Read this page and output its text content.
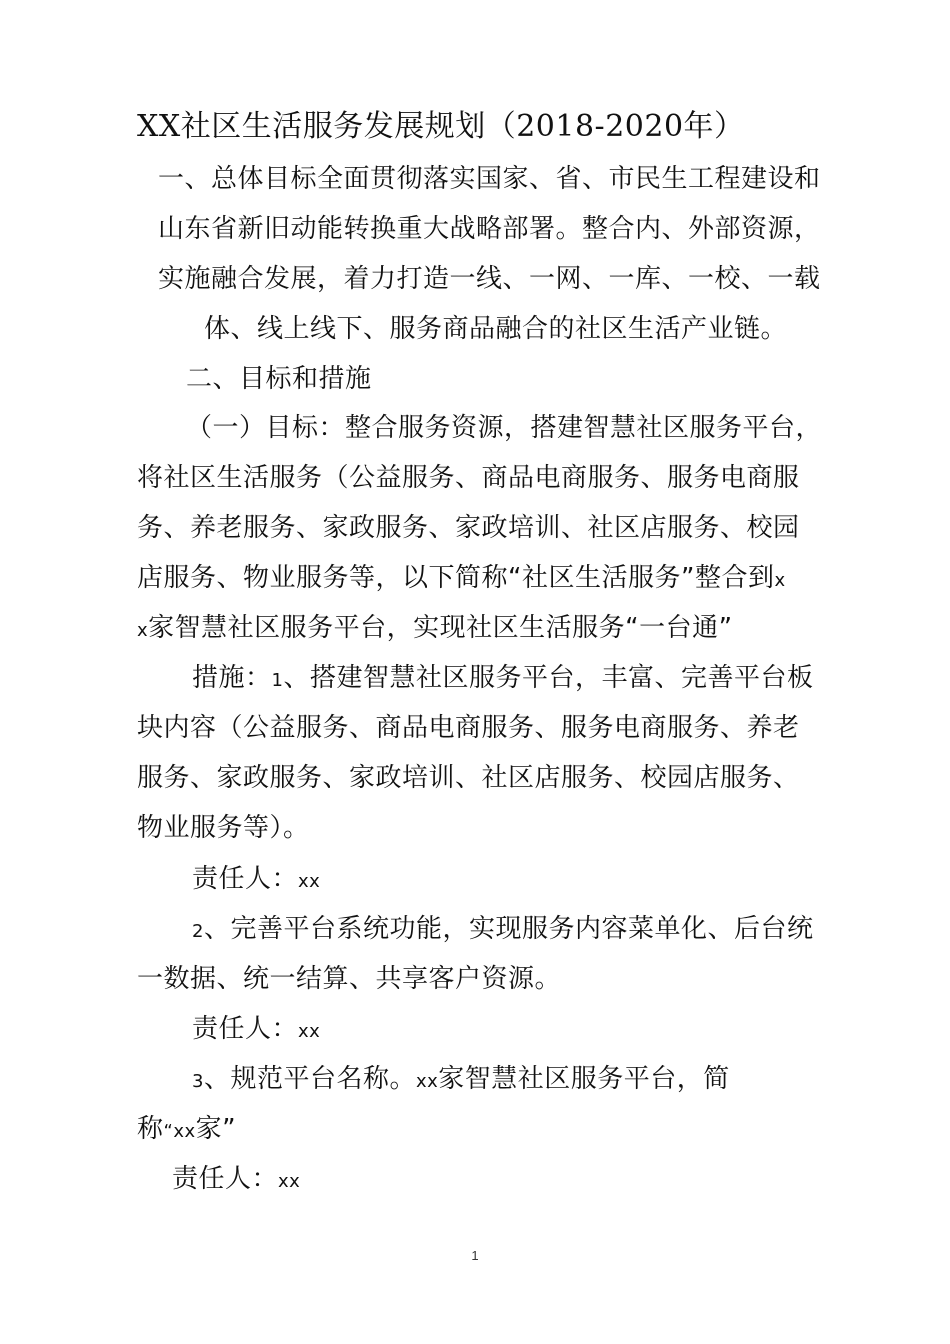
XX社区生活服务发展规划（2018-2020年）
一、总体目标全面贯彻落实国家、省、市民生工程建设和
山东省新旧动能转换重大战略部署。整合内、外部资源，
实施融合发展，着力打造一线、一网、一库、一校、一载
体、线上线下、服务商品融合的社区生活产业链。
二、目标和措施
（一）目标：整合服务资源，搭建智慧社区服务平台，
将社区生活服务（公益服务、商品电商服务、服务电商服
务、养老服务、家政服务、家政培训、社区店服务、校园
店服务、物业服务等，以下简称“社区生活服务”整合到x
x家智慧社区服务平台，实现社区生活服务“一台通”
措施：1、搭建智慧社区服务平台，丰富、完善平台板
块内容（公益服务、商品电商服务、服务电商服务、养老
服务、家政服务、家政培训、社区店服务、校园店服务、
物业服务等）。
责任人：xx
2、完善平台系统功能，实现服务内容菜单化、后台统
一数据、统一结算、共享客户资源。
责任人：xx
3、规范平台名称。xx家智慧社区服务平台，简
称“xx家”
责任人：xx
1
